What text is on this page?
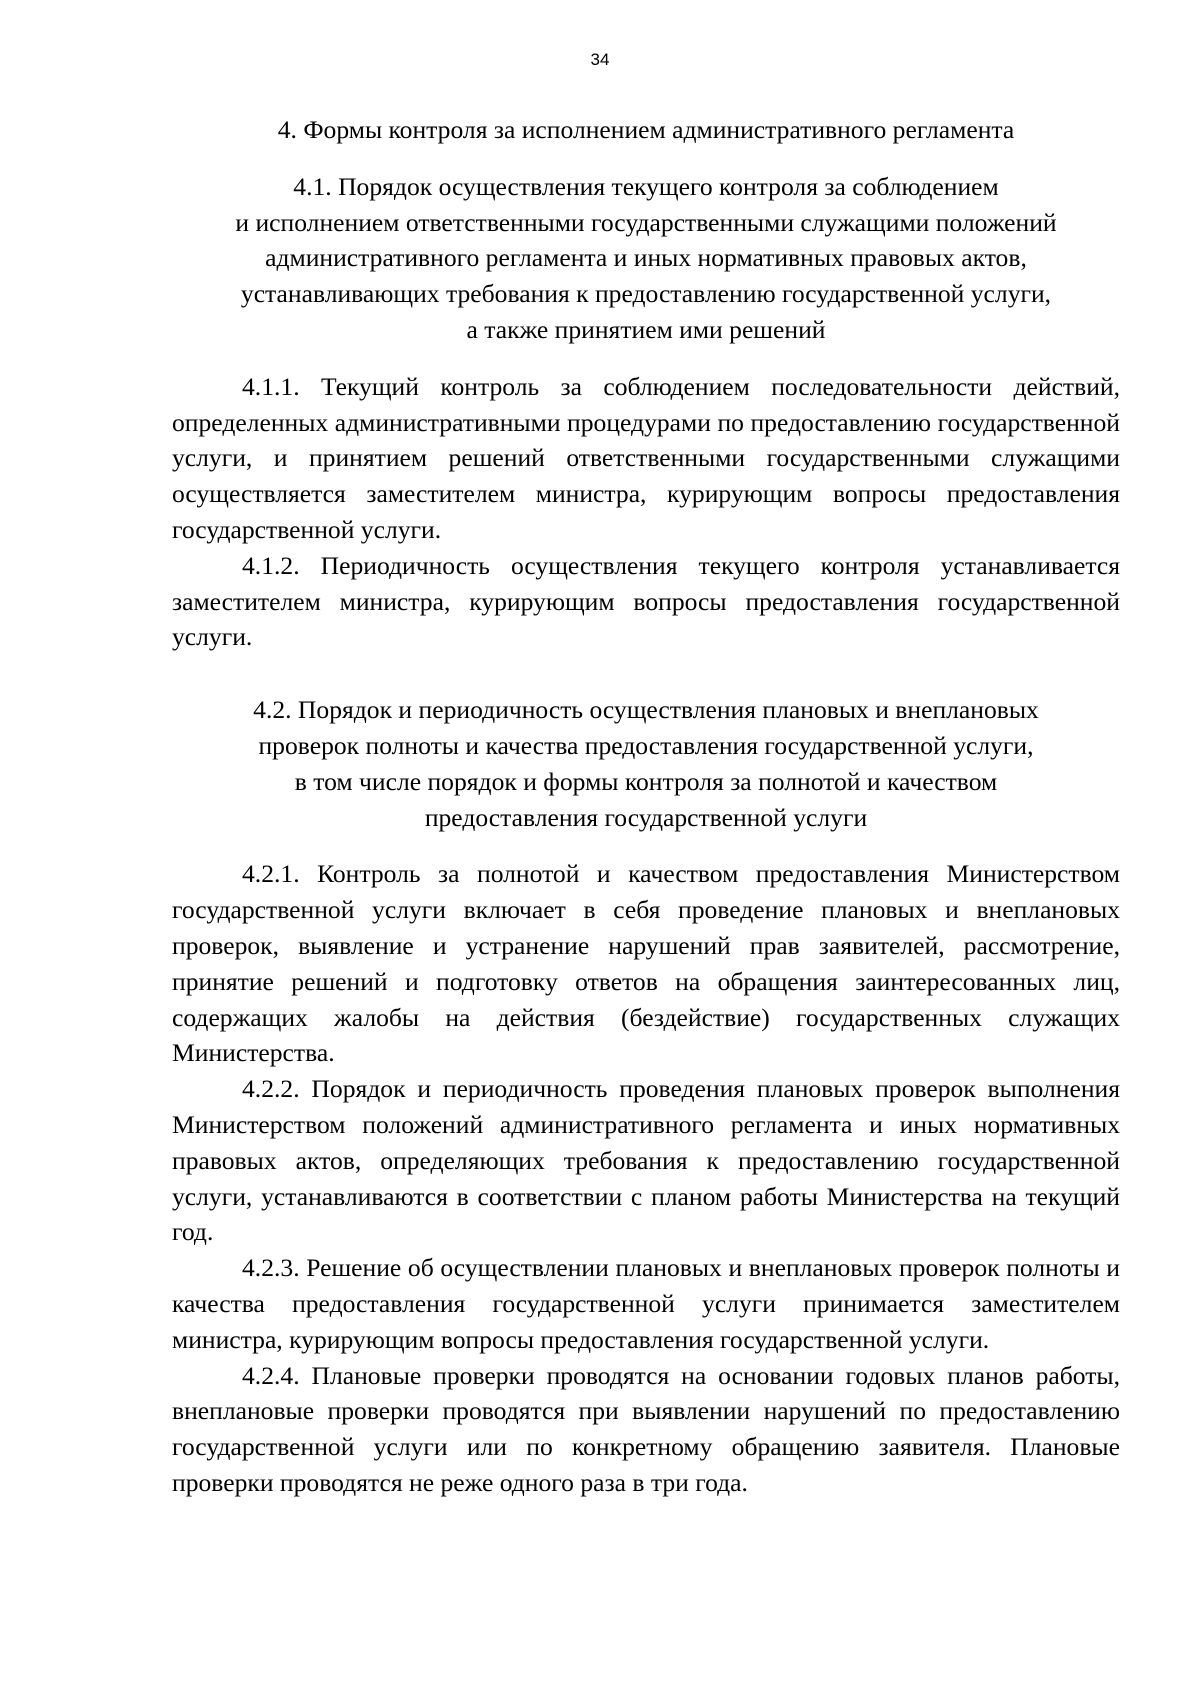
34

4. Формы контроля за исполнением административного регламента

4.1. Порядок осуществления текущего контроля за соблюдением
и исполнением ответственными государственными служащими положений
административного регламента и иных нормативных правовых актов,
устанавливающих требования к предоставлению государственной услуги,
а также принятием ими решений

4.1.1. Текущий контроль за соблюдением последовательности действий, определенных административными процедурами по предоставлению государственной услуги, и принятием решений ответственными государственными служащими осуществляется заместителем министра, курирующим вопросы предоставления государственной услуги.

4.1.2. Периодичность осуществления текущего контроля устанавливается заместителем министра, курирующим вопросы предоставления государственной услуги.

4.2. Порядок и периодичность осуществления плановых и внеплановых
проверок полноты и качества предоставления государственной услуги,
в том числе порядок и формы контроля за полнотой и качеством
предоставления государственной услуги

4.2.1. Контроль за полнотой и качеством предоставления Министерством государственной услуги включает в себя проведение плановых и внеплановых проверок, выявление и устранение нарушений прав заявителей, рассмотрение, принятие решений и подготовку ответов на обращения заинтересованных лиц, содержащих жалобы на действия (бездействие) государственных служащих Министерства.

4.2.2. Порядок и периодичность проведения плановых проверок выполнения Министерством положений административного регламента и иных нормативных правовых актов, определяющих требования к предоставлению государственной услуги, устанавливаются в соответствии с планом работы Министерства на текущий год.

4.2.3. Решение об осуществлении плановых и внеплановых проверок полноты и качества предоставления государственной услуги принимается заместителем министра, курирующим вопросы предоставления государственной услуги.

4.2.4. Плановые проверки проводятся на основании годовых планов работы, внеплановые проверки проводятся при выявлении нарушений по предоставлению государственной услуги или по конкретному обращению заявителя. Плановые проверки проводятся не реже одного раза в три года.
